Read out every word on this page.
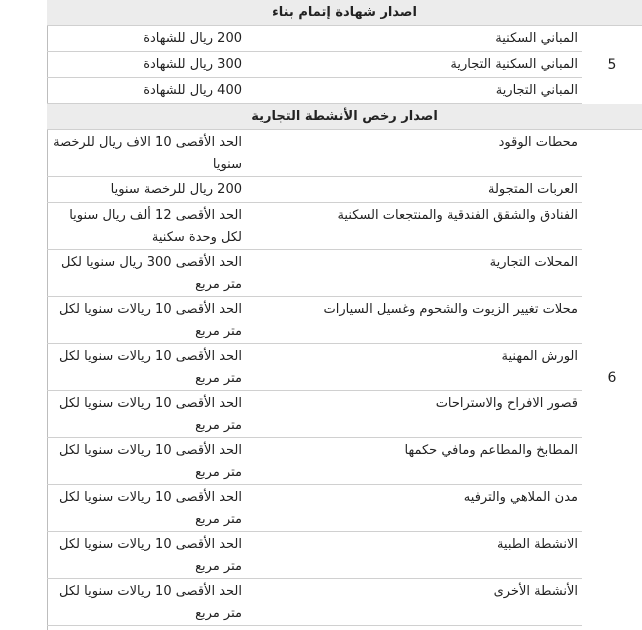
اصدار شهادة إتمام بناء		
200 ريال للشهادة	المباني السكنية	5
300 ريال للشهادة	المباني السكنية التجارية	
400 ريال للشهادة	المباني التجارية	
اصدار رخص الأنشطة التجارية		
الحد الأقصى 10 الاف ريال للرخصة سنويا	محطات الوقود	6
200 ريال للرخصة سنويا	العربات المتجولة	
الحد الأقصى 12 ألف ريال سنويا لكل وحدة سكنية	الفنادق والشقق الفندقية والمنتجعات السكنية	
الحد الأقصى 300 ريال سنويا لكل متر مربع	المحلات التجارية	
الحد الأقصى 10 ريالات سنويا لكل متر مربع	محلات تغيير الزيوت والشحوم وغسيل السيارات	
الحد الأقصى 10 ريالات سنويا لكل متر مربع	الورش المهنية	
الحد الأقصى 10 ريالات سنويا لكل متر مربع	قصور الافراح والاستراحات	
الحد الأقصى 10 ريالات سنويا لكل متر مربع	المطابخ والمطاعم ومافي حكمها	
الحد الأقصى 10 ريالات سنويا لكل متر مربع	مدن الملاهي والترفيه	
الحد الأقصى 10 ريالات سنويا لكل متر مربع	الانشطة الطبية	
الحد الأقصى 10 ريالات سنويا لكل متر مربع	الأنشطة الأخرى	
